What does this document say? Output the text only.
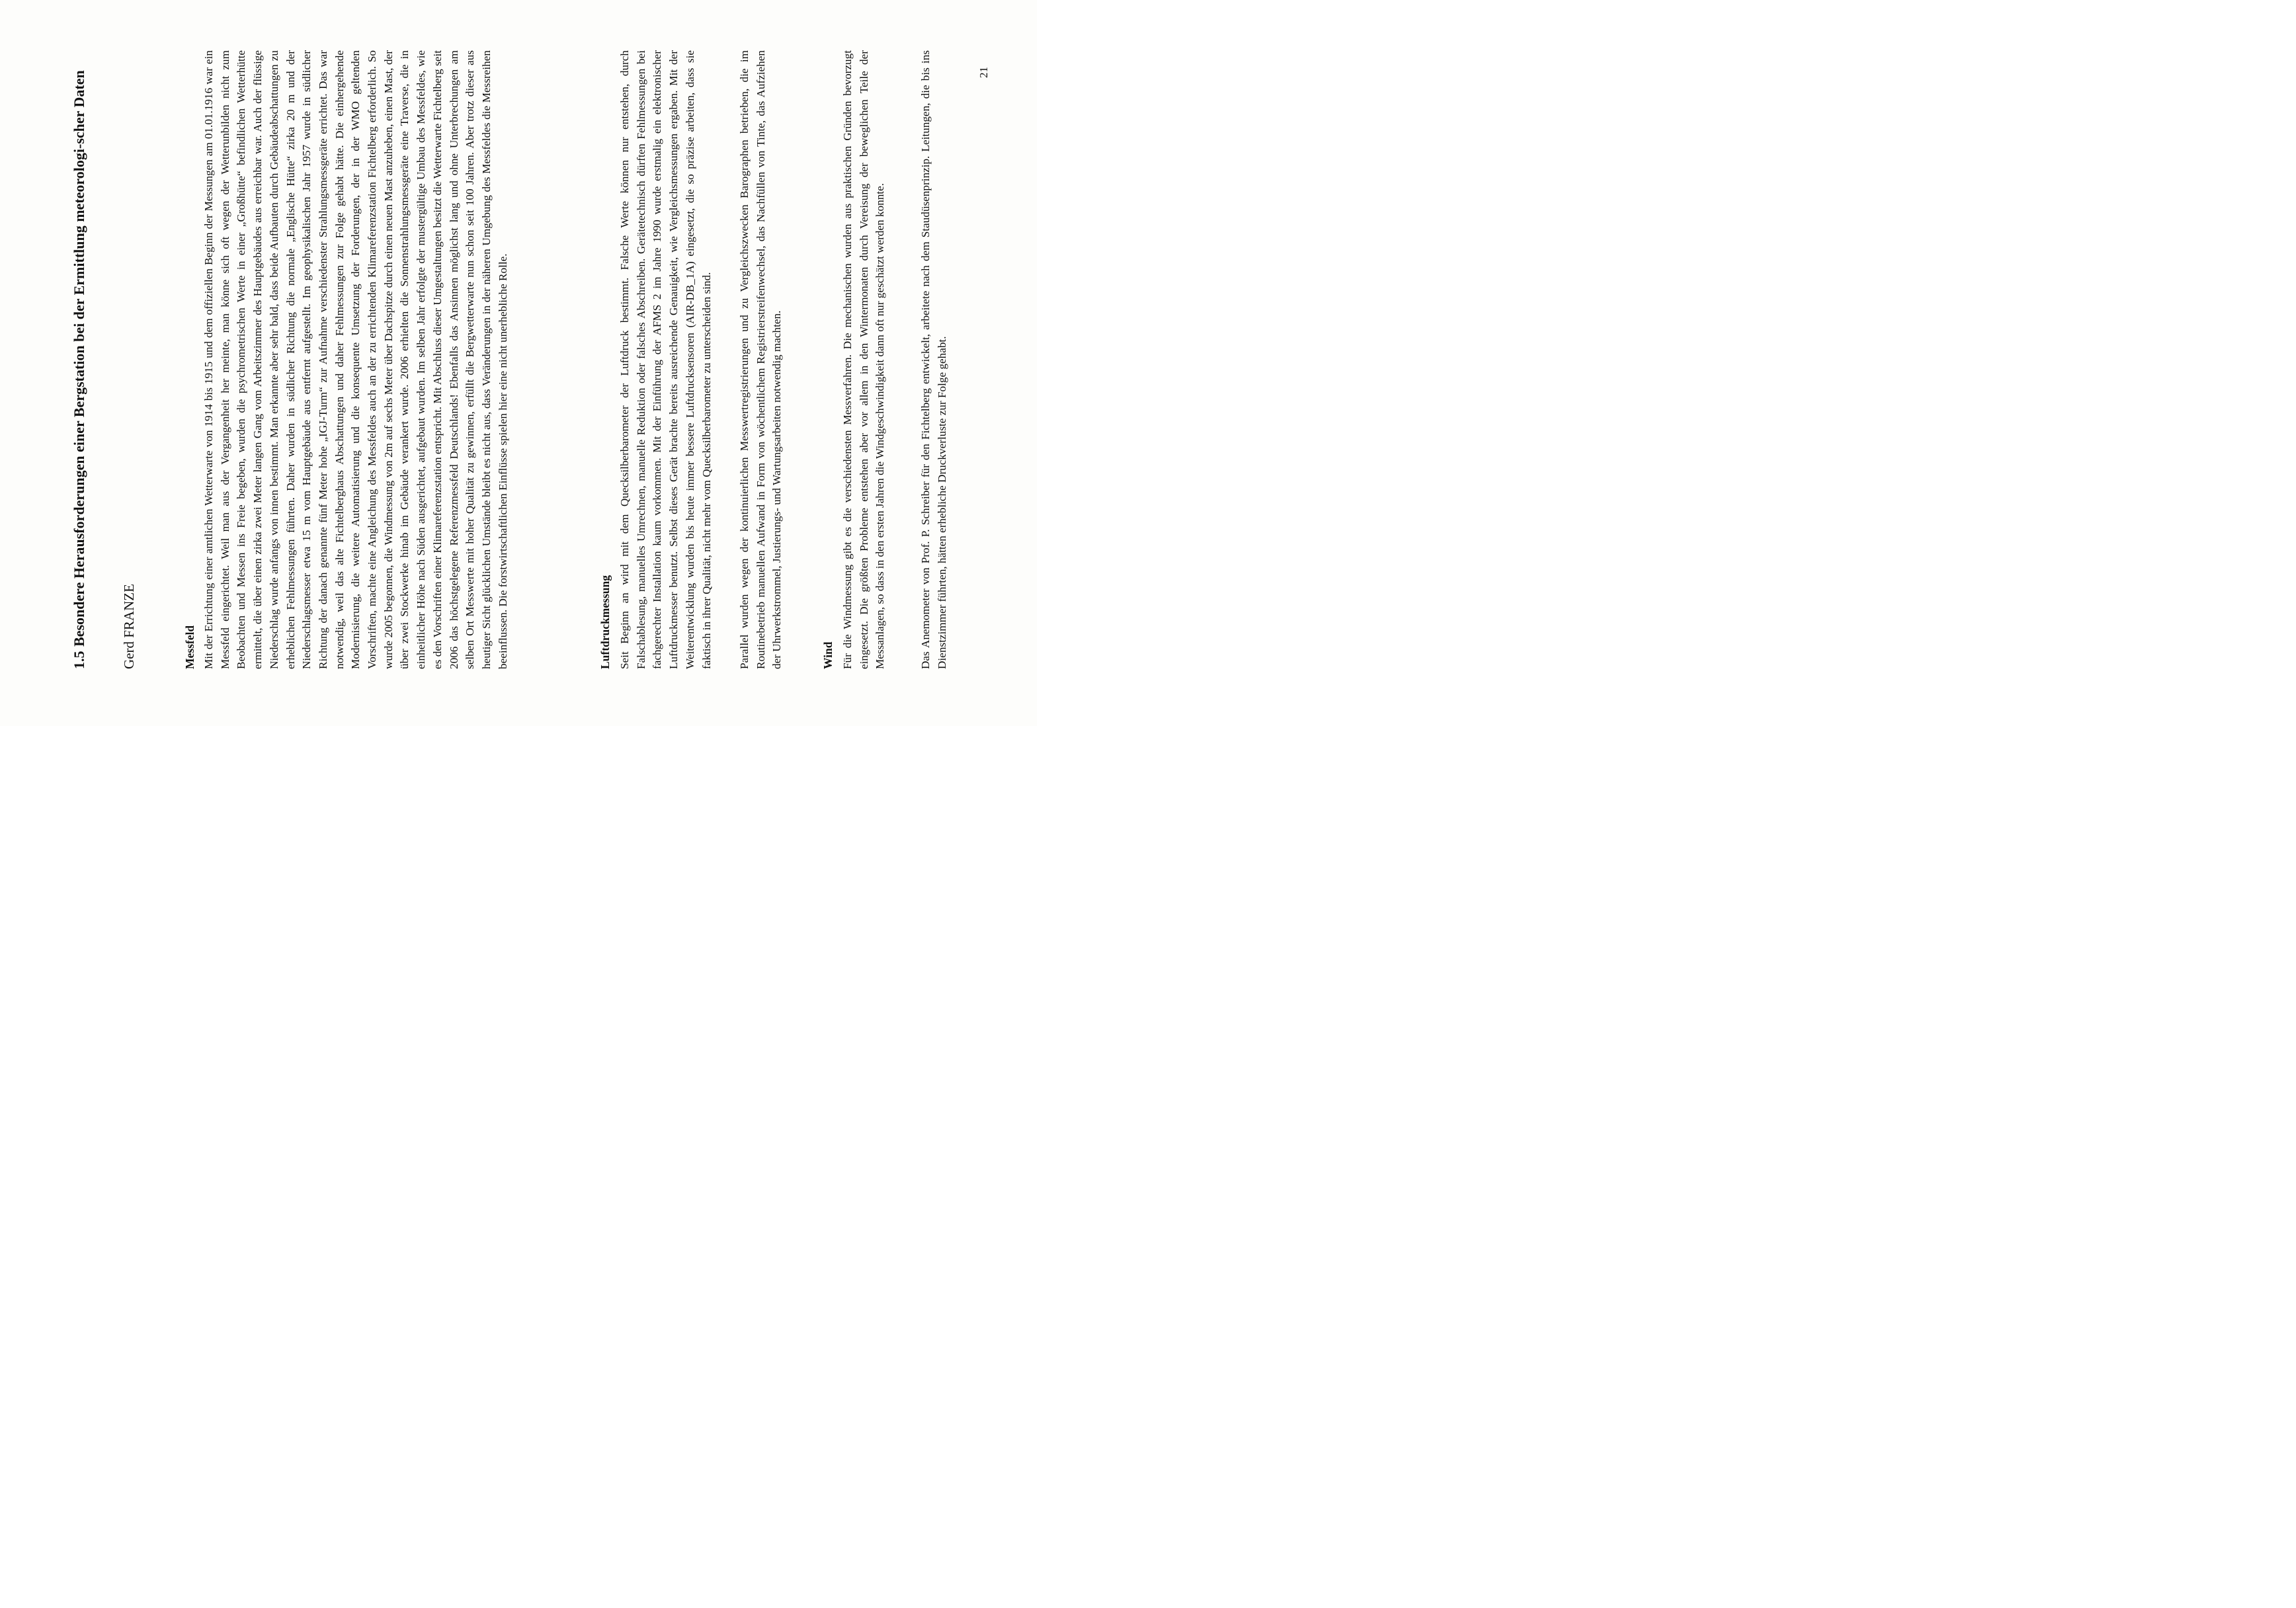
1.5

Besondere Herausforderungen einer Bergstation bei der Ermittlung meteorologi-scher Daten Gerd FRANZE	Messfeld Mit der Errichtung einer amtlichen Wetterwarte von 1914 bis 1915 und dem offiziellen Beginn der Messungen am 01.01.1916 war ein Messfeld eingerichtet. Weil man aus der Vergangenheit her meinte, man könne sich oft wegen der Wetterunbilden nicht zum Beobachten und Messen ins Freie begeben, wurden die psychrometrischen Werte in einer „Großhütte“ befindlichen Wetterhütte ermittelt, die über einen zirka zwei Meter langen Gang vom Arbeitszimmer des Hauptgebäudes aus erreichbar war. Auch der flüssige Niederschlag wurde anfangs von innen bestimmt. Man erkannte aber sehr bald, dass beide Aufbauten durch Gebäudeabschattungen zu erheblichen Fehlmessungen führten. Daher wurden in südlicher Richtung die normale „Englische Hütte“ zirka 20 m und der Niederschlagsmesser etwa 15 m vom Hauptgebäude aus entfernt aufgestellt. Im geophysikalischen Jahr 1957 wurde in südlicher Richtung der danach genannte fünf Meter hohe „IGJ-Turm“ zur Aufnahme verschiedenster Strahlungsmessgeräte errichtet. Das war notwendig, weil das alte Fichtelberghaus Abschattungen und daher Fehlmessungen zur Folge gehabt hätte. Die einhergehende Modernisierung, die weitere Automatisierung und die konsequente Umsetzung der Forderungen, der in der WMO geltenden Vorschriften, machte eine Angleichung des Messfeldes auch an der zu errichtenden Klimareferenzstation Fichtelberg erforderlich. So wurde 2005 begonnen, die Windmessung von 2m auf sechs Meter über Dachspitze durch einen neuen Mast anzuheben, einen Mast, der über zwei Stockwerke hinab im Gebäude verankert wurde. 2006 erhielten die Sonnenstrahlungsmessgeräte eine Traverse, die in einheitlicher Höhe nach Süden ausgerichtet, aufgebaut wurden. Im selben Jahr erfolgte der mustergültige Umbau des Messfeldes, wie es den Vorschriften einer Klimareferenzstation entspricht. Mit Abschluss dieser Umgestaltungen besitzt die Wetterwarte Fichtelberg seit 2006 das höchstgelegene Referenzmessfeld Deutschlands! Ebenfalls das Ansinnen möglichst lang und ohne Unterbrechungen am selben Ort Messwerte mit hoher Qualität zu gewinnen, erfüllt die Bergwetterwarte nun schon seit 100 Jahren. Aber trotz dieser aus heutiger Sicht glücklichen Umstände bleibt es nicht aus, dass Veränderungen in der näheren Umgebung des Messfeldes die Messreihen beeinflussen. Die forstwirtschaftlichen Einflüsse spielen hier eine nicht unerhebliche Rolle.	Luftdruckmessung Seit Beginn an wird mit dem Quecksilberbarometer der Luftdruck bestimmt. Falsche Werte können nur entstehen, durch Falschablesung, manuelles Umrechnen, manuelle Reduktion oder falsches Abschreiben. Gerätetechnisch dürften Fehlmessungen bei fachgerechter Installation kaum vorkommen. Mit der Einführung der AFMS 2 im Jahre 1990 wurde erstmalig ein elektronischer Luftdruckmesser benutzt. Selbst dieses Gerät brachte bereits ausreichende Genauigkeit, wie Vergleichsmessungen ergaben. Mit der Weiterentwicklung wurden bis heute immer bessere Luftdrucksensoren (AIR-DB_1A) eingesetzt, die so präzise arbeiten, dass sie faktisch in ihrer Qualität, nicht mehr vom Quecksilberbarometer zu unterscheiden sind. Parallel wurden wegen der kontinuierlichen Messwertregistrierungen und zu Vergleichszwecken Barographen betrieben, die im Routinebetrieb manuellen Aufwand in Form von wöchentlichem Registrierstreifenwechsel, das Nachfüllen von Tinte, das Aufziehen der Uhrwerkstrommel, Justierungs- und Wartungsarbeiten notwendig machten.	Wind Für die Windmessung gibt es die verschiedensten Messverfahren. Die mechanischen wurden aus praktischen Gründen bevorzugt eingesetzt. Die größten Probleme entstehen aber vor allem in den Wintermonaten durch Vereisung der beweglichen Teile der Messanlagen, so dass in den ersten Jahren die Windgeschwindigkeit dann oft nur geschätzt werden konnte.	Das Anemometer von Prof. P. Schreiber für den Fichtelberg entwickelt, arbeitete nach dem Staudüsenprinzip. Leitungen, die bis ins Dienstzimmer führten, hätten erhebliche Druckverluste zur Folge gehabt.

21
